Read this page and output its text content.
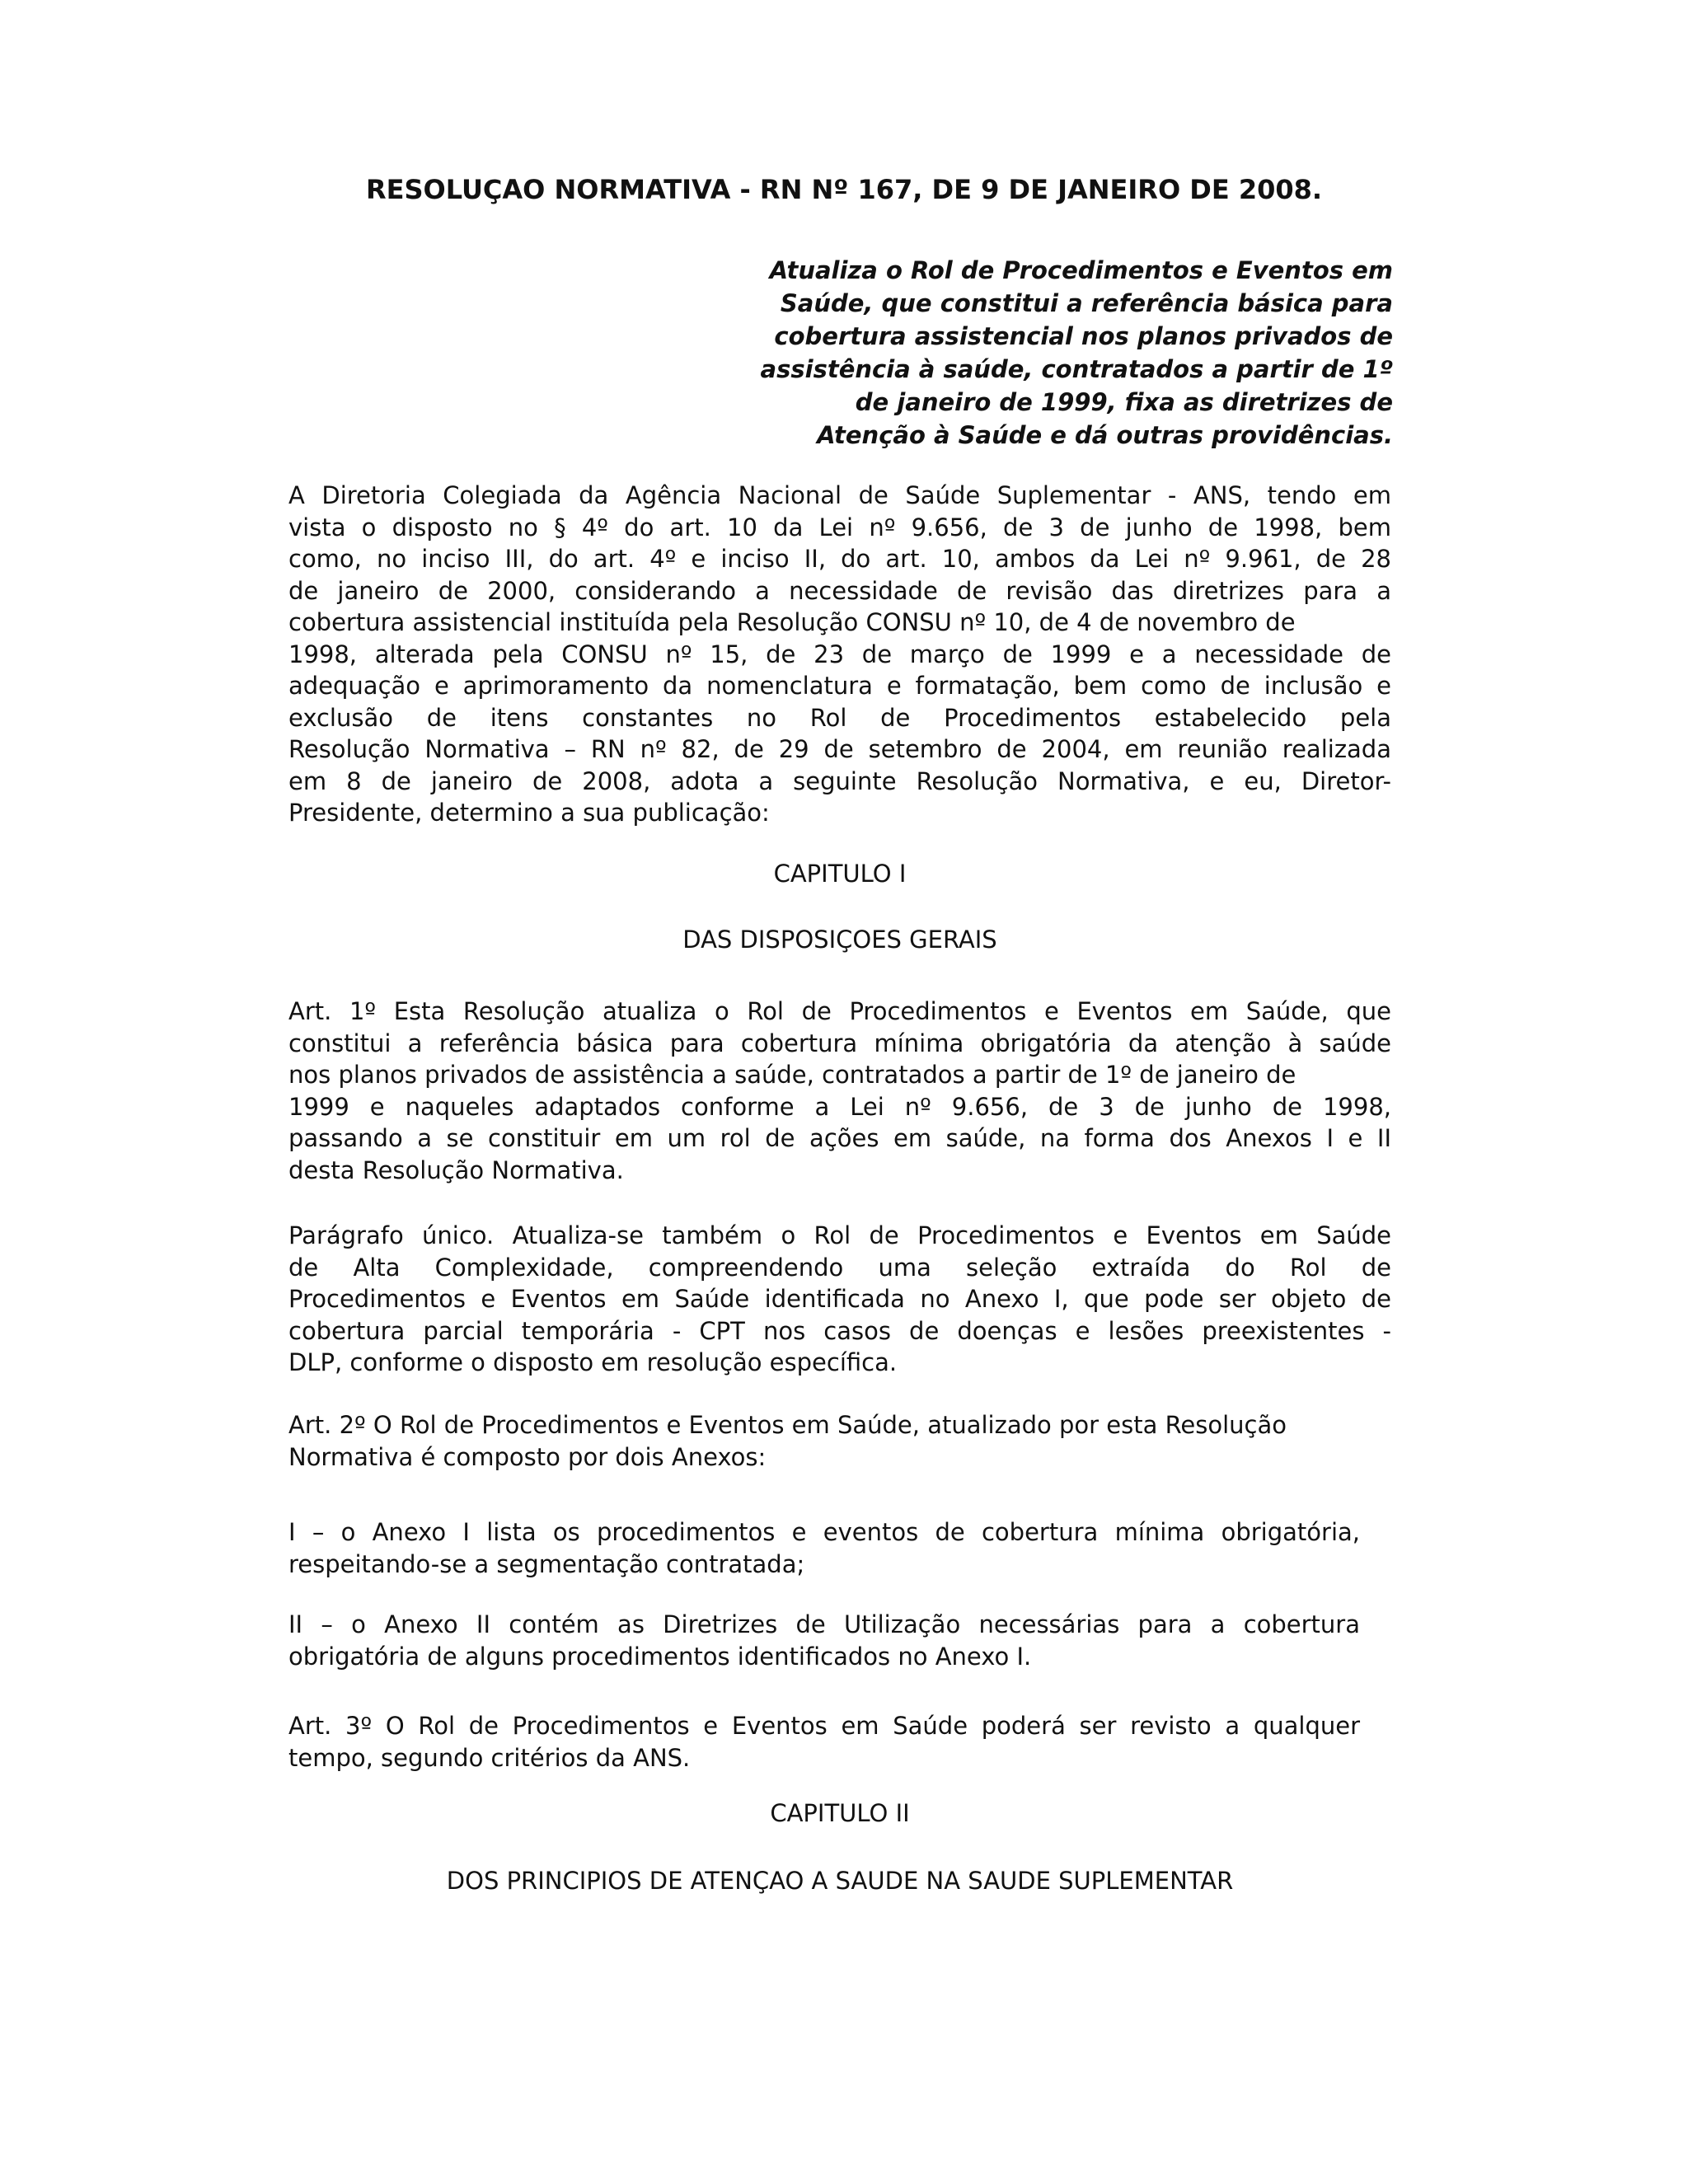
RESOLUÇAO NORMATIVA - RN Nº 167, DE 9 DE JANEIRO DE 2008.
Atualiza o Rol de Procedimentos e Eventos em
Saúde, que constitui a referência básica para
cobertura assistencial nos planos privados de
assistência à saúde, contratados a partir de 1º
de janeiro de 1999, fixa as diretrizes de
Atenção à Saúde e dá outras providências.
A Diretoria Colegiada da Agência Nacional de Saúde Suplementar - ANS, tendo em
vista o disposto no § 4º do art. 10 da Lei nº 9.656, de 3 de junho de 1998, bem
como, no inciso III, do art. 4º e inciso II, do art. 10, ambos da Lei nº 9.961, de 28
de janeiro de 2000, considerando a necessidade de revisão das diretrizes para a
cobertura assistencial instituída pela Resolução CONSU nº 10, de 4 de novembro de
1998, alterada pela CONSU nº 15, de 23 de março de 1999 e a necessidade de
adequação e aprimoramento da nomenclatura e formatação, bem como de inclusão e
exclusão de itens constantes no Rol de Procedimentos estabelecido pela
Resolução Normativa – RN nº 82, de 29 de setembro de 2004, em reunião realizada
em 8 de janeiro de 2008, adota a seguinte Resolução Normativa, e eu, Diretor-
Presidente, determino a sua publicação:
CAPITULO I
DAS DISPOSIÇOES GERAIS
Art. 1º Esta Resolução atualiza o Rol de Procedimentos e Eventos em Saúde, que
constitui a referência básica para cobertura mínima obrigatória da atenção à saúde
nos planos privados de assistência a saúde, contratados a partir de 1º de janeiro de
1999 e naqueles adaptados conforme a Lei nº 9.656, de 3 de junho de 1998,
passando a se constituir em um rol de ações em saúde, na forma dos Anexos I e II
desta Resolução Normativa.
Parágrafo único. Atualiza-se também o Rol de Procedimentos e Eventos em Saúde
de Alta Complexidade, compreendendo uma seleção extraída do Rol de
Procedimentos e Eventos em Saúde identificada no Anexo I, que pode ser objeto de
cobertura parcial temporária - CPT nos casos de doenças e lesões preexistentes -
DLP, conforme o disposto em resolução específica.
Art. 2º O Rol de Procedimentos e Eventos em Saúde, atualizado por esta Resolução
Normativa é composto por dois Anexos:
I – o Anexo I lista os procedimentos e eventos de cobertura mínima obrigatória,
respeitando-se a segmentação contratada;
II – o Anexo II contém as Diretrizes de Utilização necessárias para a cobertura
obrigatória de alguns procedimentos identificados no Anexo I.
Art. 3º O Rol de Procedimentos e Eventos em Saúde poderá ser revisto a qualquer
tempo, segundo critérios da ANS.
CAPITULO II
DOS PRINCIPIOS DE ATENÇAO A SAUDE NA SAUDE SUPLEMENTAR
